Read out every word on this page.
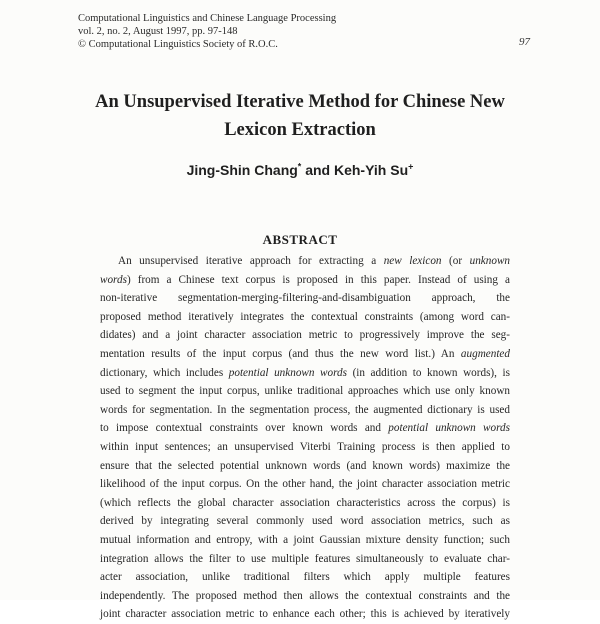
Computational Linguistics and Chinese Language Processing
vol. 2, no. 2, August 1997, pp. 97-148
© Computational Linguistics Society of R.O.C.	97
An Unsupervised Iterative Method for Chinese New
Lexicon Extraction
Jing-Shin Chang* and Keh-Yih Su+
ABSTRACT
An unsupervised iterative approach for extracting a new lexicon (or unknown
words) from a Chinese text corpus is proposed in this paper. Instead of using a
non-iterative segmentation-merging-filtering-and-disambiguation approach, the
proposed method iteratively integrates the contextual constraints (among word can-
didates) and a joint character association metric to progressively improve the seg-
mentation results of the input corpus (and thus the new word list.) An augmented
dictionary, which includes potential unknown words (in addition to known words), is
used to segment the input corpus, unlike traditional approaches which use only known
words for segmentation. In the segmentation process, the augmented dictionary is used
to impose contextual constraints over known words and potential unknown words
within input sentences; an unsupervised Viterbi Training process is then applied to
ensure that the selected potential unknown words (and known words) maximize the
likelihood of the input corpus. On the other hand, the joint character association metric
(which reflects the global character association characteristics across the corpus) is
derived by integrating several commonly used word association metrics, such as
mutual information and entropy, with a joint Gaussian mixture density function; such
integration allows the filter to use multiple features simultaneously to evaluate char-
acter association, unlike traditional filters which apply multiple features
independently. The proposed method then allows the contextual constraints and the
joint character association metric to enhance each other; this is achieved by iteratively
